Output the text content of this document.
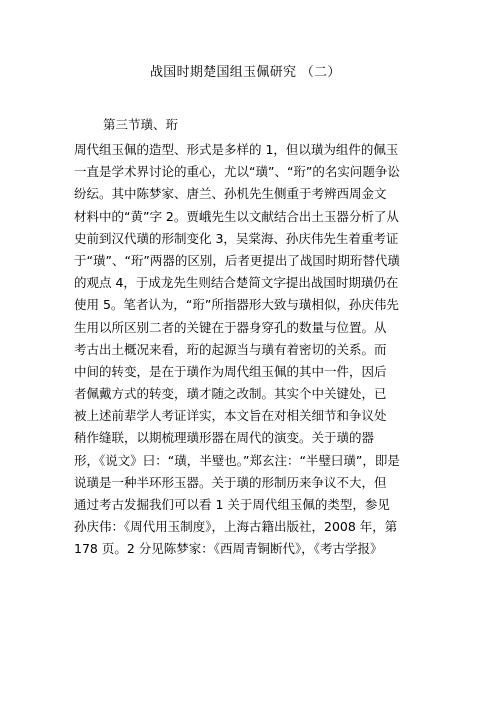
战国时期楚国组玉佩研究 （二）
第三节璜、珩
周代组玉佩的造型、形式是多样的 1，但以璜为组件的佩玉
一直是学术界讨论的重心，尤以“璜”、“珩”的名实问题争讼
纷纭。其中陈梦家、唐兰、孙机先生侧重于考辨西周金文
材料中的“黄”字 2。贾峨先生以文献结合出土玉器分析了从
史前到汉代璜的形制变化 3，吴棠海、孙庆伟先生着重考证
于“璜”、“珩”两器的区别，后者更提出了战国时期珩替代璜
的观点 4，于成龙先生则结合楚简文字提出战国时期璜仍在
使用 5。笔者认为，“珩”所指器形大致与璜相似，孙庆伟先
生用以所区别二者的关键在于器身穿孔的数量与位置。从
考古出土概况来看，珩的起源当与璜有着密切的关系。而
中间的转变，是在于璜作为周代组玉佩的其中一件，因后
者佩戴方式的转变，璜才随之改制。其实个中关键处，已
被上述前辈学人考证详实，本文旨在对相关细节和争议处
稍作缝联，以期梳理璜形器在周代的演变。关于璜的器
形，《说文》曰：“璜，半璧也。”郑玄注：“半璧曰璜”，即是
说璜是一种半环形玉器。关于璜的形制历来争议不大，但
通过考古发掘我们可以看 1 关于周代组玉佩的类型，参见
孙庆伟：《周代用玉制度》，上海古籍出版社，2008 年，第
178 页。2 分见陈梦家：《西周青铜断代》，《考古学报》
